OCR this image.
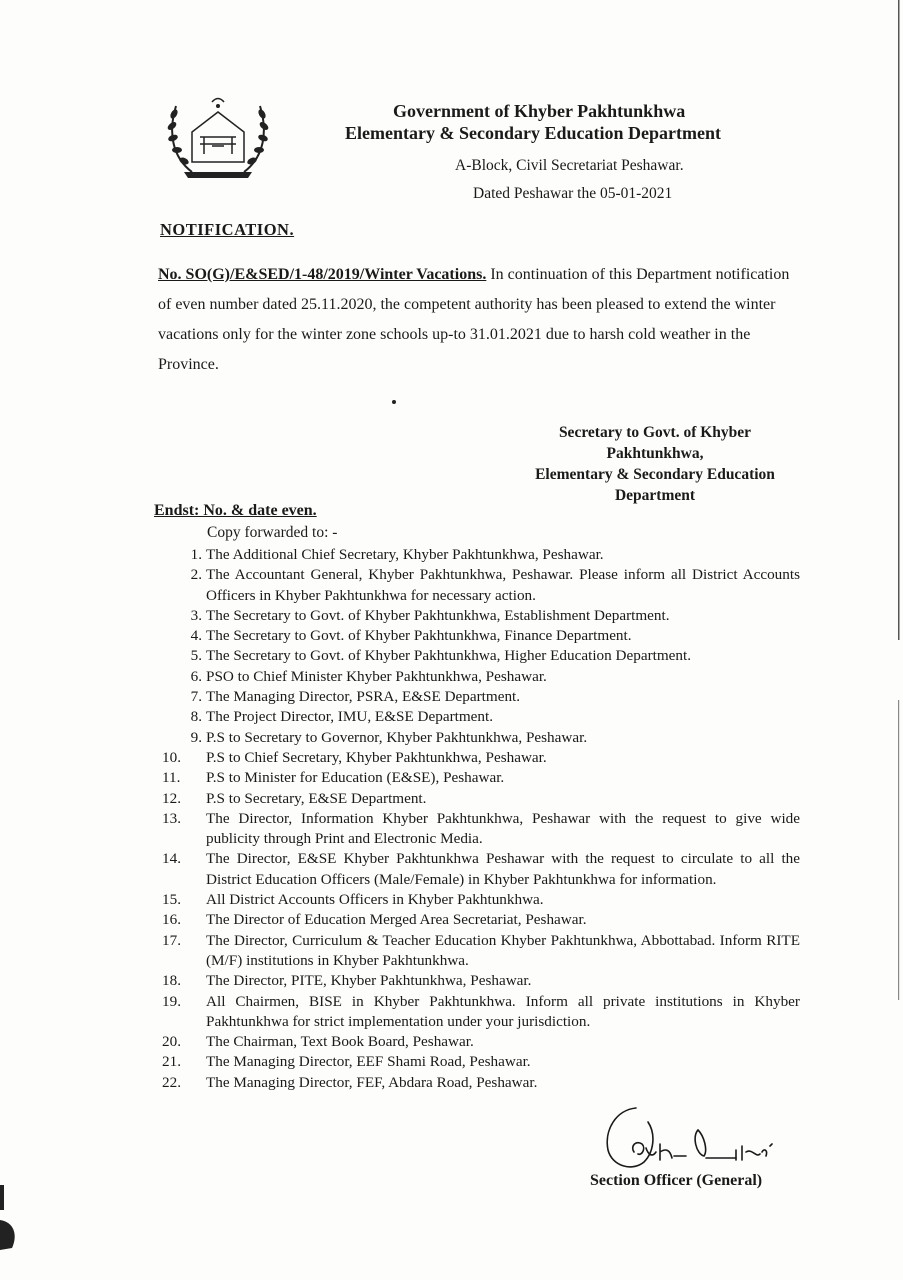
Government of Khyber Pakhtunkhwa
Elementary & Secondary Education Department
A-Block, Civil Secretariat Peshawar.
Dated Peshawar the 05-01-2021
NOTIFICATION.
No. SO(G)/E&SED/1-48/2019/Winter Vacations. In continuation of this Department notification of even number dated 25.11.2020, the competent authority has been pleased to extend the winter vacations only for the winter zone schools up-to 31.01.2021 due to harsh cold weather in the Province.
Secretary to Govt. of Khyber
Pakhtunkhwa,
Elementary & Secondary Education
Department
Endst: No. & date even.
Copy forwarded to: -
1. The Additional Chief Secretary, Khyber Pakhtunkhwa, Peshawar.
2. The Accountant General, Khyber Pakhtunkhwa, Peshawar. Please inform all District Accounts Officers in Khyber Pakhtunkhwa for necessary action.
3. The Secretary to Govt. of Khyber Pakhtunkhwa, Establishment Department.
4. The Secretary to Govt. of Khyber Pakhtunkhwa, Finance Department.
5. The Secretary to Govt. of Khyber Pakhtunkhwa, Higher Education Department.
6. PSO to Chief Minister Khyber Pakhtunkhwa, Peshawar.
7. The Managing Director, PSRA, E&SE Department.
8. The Project Director, IMU, E&SE Department.
9. P.S to Secretary to Governor, Khyber Pakhtunkhwa, Peshawar.
10.	P.S to Chief Secretary, Khyber Pakhtunkhwa, Peshawar.
11.	P.S to Minister for Education (E&SE), Peshawar.
12.	P.S to Secretary, E&SE Department.
13.	The Director, Information Khyber Pakhtunkhwa, Peshawar with the request to give wide publicity through Print and Electronic Media.
14.	The Director, E&SE Khyber Pakhtunkhwa Peshawar with the request to circulate to all the District Education Officers (Male/Female) in Khyber Pakhtunkhwa for information.
15.	All District Accounts Officers in Khyber Pakhtunkhwa.
16.	The Director of Education Merged Area Secretariat, Peshawar.
17.	The Director, Curriculum & Teacher Education Khyber Pakhtunkhwa, Abbottabad. Inform RITE (M/F) institutions in Khyber Pakhtunkhwa.
18.	The Director, PITE, Khyber Pakhtunkhwa, Peshawar.
19.	All Chairmen, BISE in Khyber Pakhtunkhwa. Inform all private institutions in Khyber Pakhtunkhwa for strict implementation under your jurisdiction.
20.	The Chairman, Text Book Board, Peshawar.
21.	The Managing Director, EEF Shami Road, Peshawar.
22.	The Managing Director, FEF, Abdara Road, Peshawar.
Section Officer (General)
